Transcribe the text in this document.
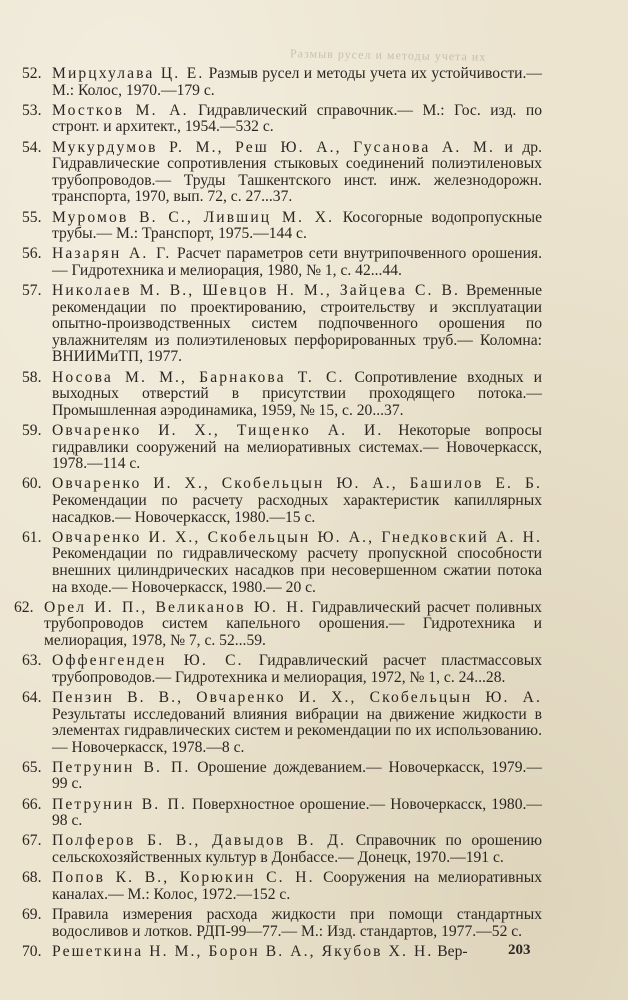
Размыв русел и методы учета их
52. Мирцхулава Ц. Е. Размыв русел и методы учета их устойчивости.— М.: Колос, 1970.—179 с.
53. Мостков М. А. Гидравлический справочник.— М.: Гос. изд. по стронт. и архитект., 1954.—532 с.
54. Мукурдумов Р. М., Реш Ю. А., Гусанова А. М. и др. Гидравлические сопротивления стыковых соединений полиэтиленовых трубопроводов.— Труды Ташкентского инст. инж. железнодорожн. транспорта, 1970, вып. 72, с. 27...37.
55. Муромов В. С., Лившиц М. Х. Косогорные водопропускные трубы.— М.: Транспорт, 1975.—144 с.
56. Назарян А. Г. Расчет параметров сети внутрипочвенного орошения.— Гидротехника и мелиорация, 1980, № 1, с. 42...44.
57. Николаев М. В., Шевцов Н. М., Зайцева С. В. Временные рекомендации по проектированию, строительству и эксплуатации опытно-производственных систем подпочвенного орошения по увлажнителям из полиэтиленовых перфорированных труб.— Коломна: ВНИИМиТП, 1977.
58. Носова М. М., Барнакова Т. С. Сопротивление входных и выходных отверстий в присутствии проходящего потока.— Промышленная аэродинамика, 1959, № 15, с. 20...37.
59. Овчаренко И. Х., Тищенко А. И. Некоторые вопросы гидравлики сооружений на мелиоративных системах.— Новочеркасск, 1978.—114 с.
60. Овчаренко И. Х., Скобельцын Ю. А., Башилов Е. Б. Рекомендации по расчету расходных характеристик капиллярных насадков.— Новочеркасск, 1980.—15 с.
61. Овчаренко И. Х., Скобельцын Ю. А., Гнедковский А. Н. Рекомендации по гидравлическому расчету пропускной способности внешних цилиндрических насадков при несовершенном сжатии потока на входе.— Новочеркасск, 1980.— 20 с.
62. Орел И. П., Великанов Ю. Н. Гидравлический расчет поливных трубопроводов систем капельного орошения.— Гидротехника и мелиорация, 1978, № 7, с. 52...59.
63. Оффенгенден Ю. С. Гидравлический расчет пластмассовых трубопроводов.— Гидротехника и мелиорация, 1972, № 1, с. 24...28.
64. Пензин В. В., Овчаренко И. Х., Скобельцын Ю. А. Результаты исследований влияния вибрации на движение жидкости в элементах гидравлических систем и рекомендации по их использованию.— Новочеркасск, 1978.—8 с.
65. Петрунин В. П. Орошение дождеванием.— Новочеркасск, 1979.— 99 с.
66. Петрунин В. П. Поверхностное орошение.— Новочеркасск, 1980.—98 с.
67. Полферов Б. В., Давыдов В. Д. Справочник по орошению сельскохозяйственных культур в Донбассе.— Донецк, 1970.—191 с.
68. Попов К. В., Корюкин С. Н. Сооружения на мелиоративных каналах.— М.: Колос, 1972.—152 с.
69. Правила измерения расхода жидкости при помощи стандартных водосливов и лотков. РДП-99—77.— М.: Изд. стандартов, 1977.—52 с.
70. Решеткина Н. М., Борон В. А., Якубов Х. Н. Вер-	203
